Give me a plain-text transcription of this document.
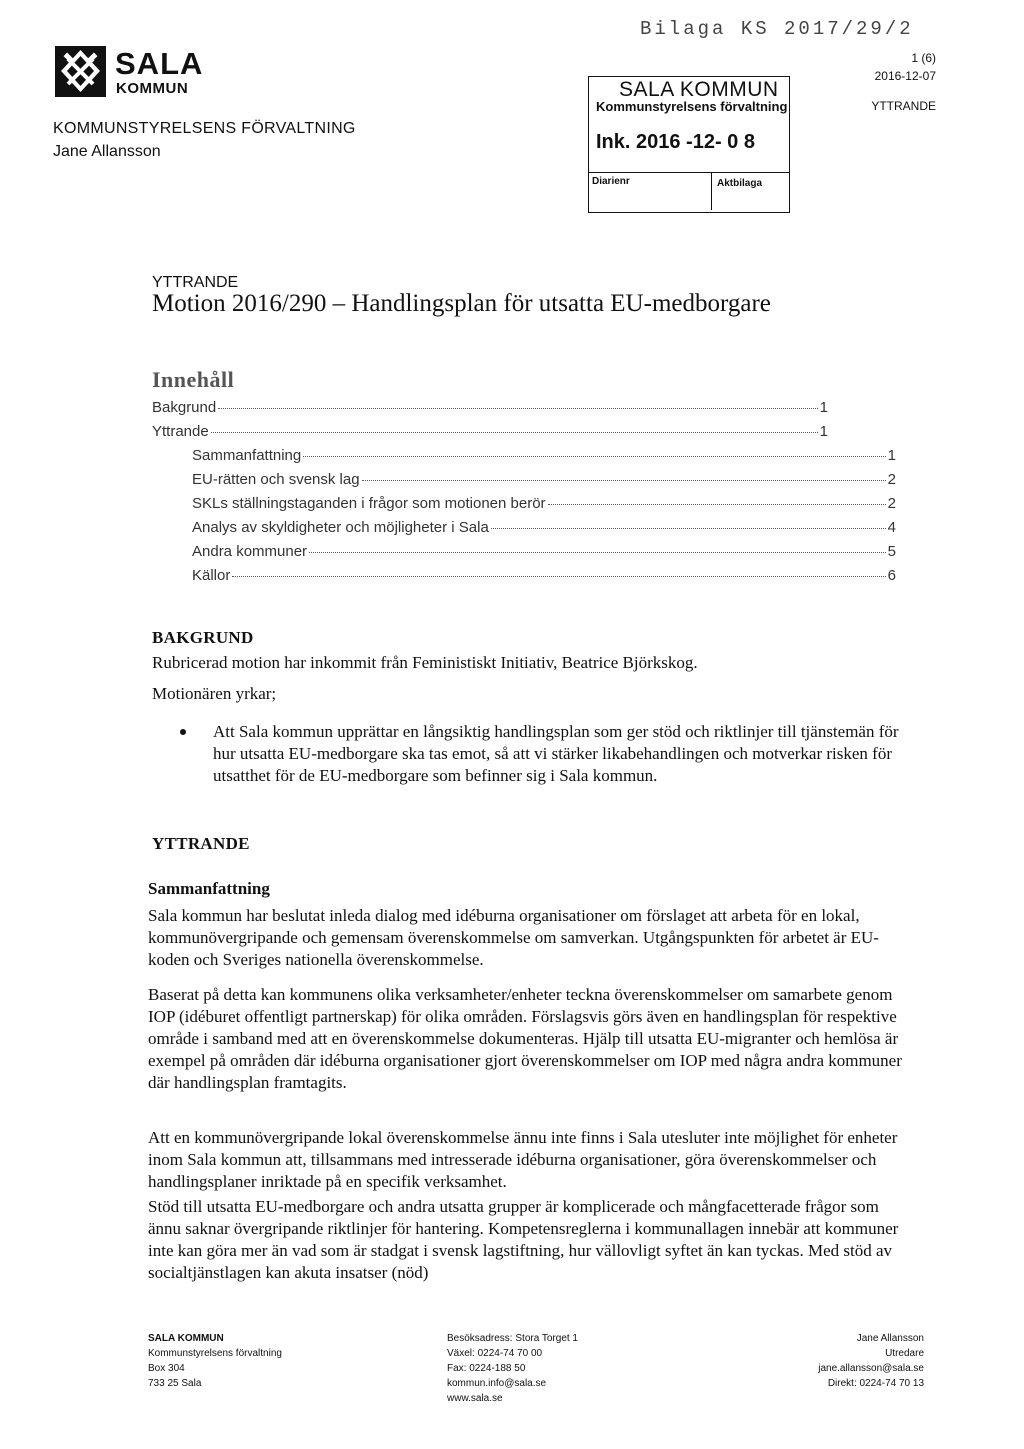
SALA
KOMMUN
KOMMUNSTYRELSENS FÖRVALTNING
Jane Allansson
Bilaga KS 2017/29/2
SALA KOMMUN
Kommunstyrelsens förvaltning
Ink. 2016 -12- 0 8
Diarienr	Aktbilaga
1 (6)
2016-12-07
YTTRANDE
YTTRANDE
Motion 2016/290 – Handlingsplan för utsatta EU-medborgare
Innehåll
Bakgrund	1
Yttrande	1
Sammanfattning	1
EU-rätten och svensk lag	2
SKLs ställningstaganden i frågor som motionen berör	2
Analys av skyldigheter och möjligheter i Sala	4
Andra kommuner	5
Källor	6
BAKGRUND
Rubricerad motion har inkommit från Feministiskt Initiativ, Beatrice Björkskog.
Motionären yrkar;
Att Sala kommun upprättar en långsiktig handlingsplan som ger stöd och riktlinjer till tjänstemän för hur utsatta EU-medborgare ska tas emot, så att vi stärker likabehandlingen och motverkar risken för utsatthet för de EU-medborgare som befinner sig i Sala kommun.
YTTRANDE
Sammanfattning
Sala kommun har beslutat inleda dialog med idéburna organisationer om förslaget att arbeta för en lokal, kommunövergripande och gemensam överenskommelse om samverkan. Utgångspunkten för arbetet är EU-koden och Sveriges nationella överenskommelse.
Baserat på detta kan kommunens olika verksamheter/enheter teckna överenskommelser om samarbete genom IOP (idéburet offentligt partnerskap) för olika områden. Förslagsvis görs även en handlingsplan för respektive område i samband med att en överenskommelse dokumenteras. Hjälp till utsatta EU-migranter och hemlösa är exempel på områden där idéburna organisationer gjort överenskommelser om IOP med några andra kommuner där handlingsplan framtagits.
Att en kommunövergripande lokal överenskommelse ännu inte finns i Sala utesluter inte möjlighet för enheter inom Sala kommun att, tillsammans med intresserade idéburna organisationer, göra överenskommelser och handlingsplaner inriktade på en specifik verksamhet.
Stöd till utsatta EU-medborgare och andra utsatta grupper är komplicerade och mångfacetterade frågor som ännu saknar övergripande riktlinjer för hantering. Kompetensreglerna i kommunallagen innebär att kommuner inte kan göra mer än vad som är stadgat i svensk lagstiftning, hur vällovligt syftet än kan tyckas. Med stöd av socialtjänstlagen kan akuta insatser (nöd)
SALA KOMMUN
Kommunstyrelsens förvaltning
Box 304
733 25 Sala
Besöksadress: Stora Torget 1
Växel: 0224-74 70 00
Fax: 0224-188 50
kommun.info@sala.se
www.sala.se
Jane Allansson
Utredare
jane.allansson@sala.se
Direkt: 0224-74 70 13
